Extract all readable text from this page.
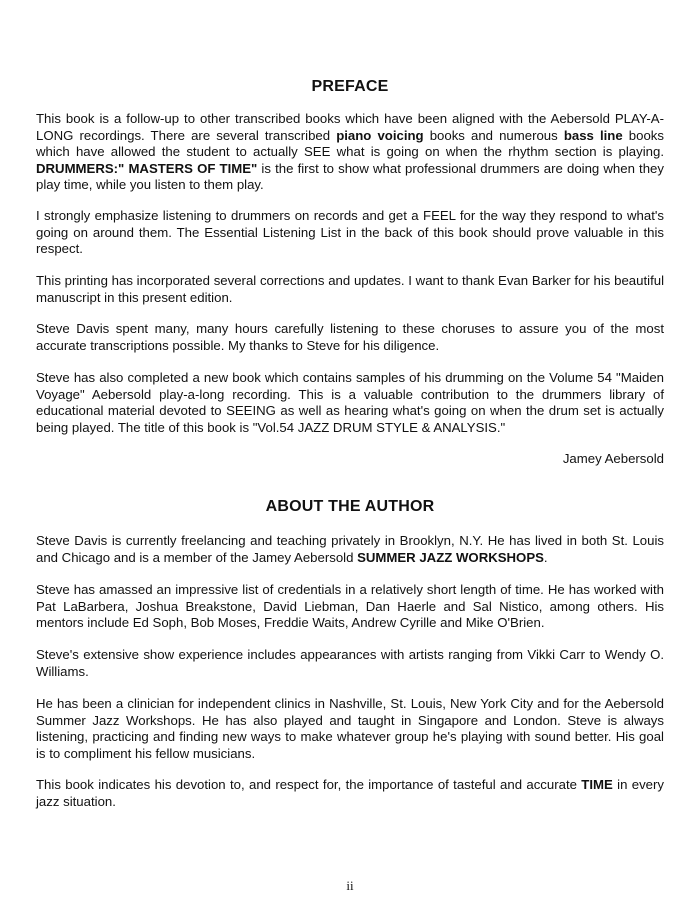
PREFACE

This book is a follow-up to other transcribed books which have been aligned with the Aebersold PLAY-A-LONG recordings. There are several transcribed piano voicing books and numerous bass line books which have allowed the student to actually SEE what is going on when the rhythm section is playing. DRUMMERS:" MASTERS OF TIME" is the first to show what professional drummers are doing when they play time, while you listen to them play.

I strongly emphasize listening to drummers on records and get a FEEL for the way they respond to what's going on around them. The Essential Listening List in the back of this book should prove valuable in this respect.

This printing has incorporated several corrections and updates. I want to thank Evan Barker for his beautiful manuscript in this present edition.

Steve Davis spent many, many hours carefully listening to these choruses to assure you of the most accurate transcriptions possible. My thanks to Steve for his diligence.

Steve has also completed a new book which contains samples of his drumming on the Volume 54 "Maiden Voyage" Aebersold play-a-long recording. This is a valuable contribution to the drummers library of educational material devoted to SEEING as well as hearing what's going on when the drum set is actually being played. The title of this book is "Vol.54 JAZZ DRUM STYLE & ANALYSIS."

Jamey Aebersold
ABOUT THE AUTHOR

Steve Davis is currently freelancing and teaching privately in Brooklyn, N.Y. He has lived in both St. Louis and Chicago and is a member of the Jamey Aebersold SUMMER JAZZ WORKSHOPS.

Steve has amassed an impressive list of credentials in a relatively short length of time. He has worked with Pat LaBarbera, Joshua Breakstone, David Liebman, Dan Haerle and Sal Nistico, among others. His mentors include Ed Soph, Bob Moses, Freddie Waits, Andrew Cyrille and Mike O'Brien.

Steve's extensive show experience includes appearances with artists ranging from Vikki Carr to Wendy O. Williams.

He has been a clinician for independent clinics in Nashville, St. Louis, New York City and for the Aebersold Summer Jazz Workshops. He has also played and taught in Singapore and London. Steve is always listening, practicing and finding new ways to make whatever group he's playing with sound better. His goal is to compliment his fellow musicians.

This book indicates his devotion to, and respect for, the importance of tasteful and accurate TIME in every jazz situation.

ii
